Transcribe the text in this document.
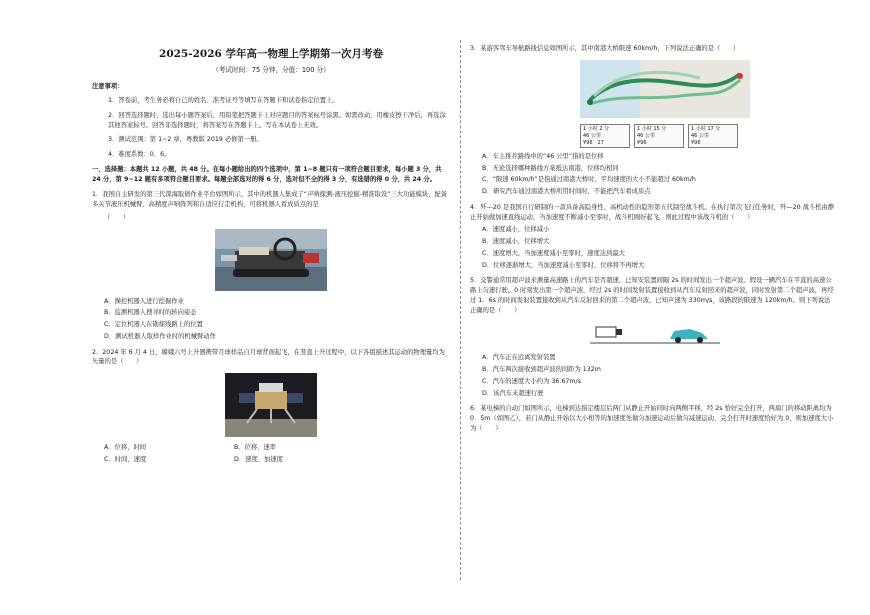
2025-2026 学年高一物理上学期第一次月考卷
（考试时间：75 分钟，分值：100 分）
注意事项：

1．答卷前，考生务必将自己的姓名、准考证号等填写在答题卡和试卷指定位置上。

2．回答选择题时，选出每小题答案后，用铅笔把答题卡上对应题目的答案标号涂黑。如需改动，用橡皮擦干净后，再选涂其他答案标号。回答非选择题时，将答案写在答题卡上。写在本试卷上无效。

3．测试范围：第 1~2 章，粤教版 2019 必修第一册。

4．难度系数：0．6。

一、选择题：本题共 12 小题，共 48 分。在每小题给出的四个选项中，第 1~8 题只有一项符合题目要求，每小题 3 分，共 24 分，第 9~12 题有多项符合题目要求。每题全部选对的得 6 分，选对但不全的得 3 分，有选错的得 0 分，共 24 分。

1．我国自主研发的第三代深海取债作业平台如图所示，其中的机器人集成了“声呐探测-液压挖掘-精准取设”三大功能模块，配备多关节液压机械臂、高精度声呐阵列和自适应行走机构，可将机器人看成质点的是
（　　）
A．操控机器人进行挖掘作业
B．监测机器人搜寻时的转向姿态
C．定位机器人在勘探线路上的位置
D．测试机器人取样作业时的机械臂动作
2．2024 年 6 月 4 日，嫦娥六号上升器携带月球样品自月球背面起飞，在竖直上升过程中，以下各组描述其运动的物理量均为矢量的是（　　）
A．位移、时间	B．位移、速率
C．时间、速度	D．速度、加速度
3．某游客驾车导航路线信息如图所示，其中南港大桥限速 60km/h，下列说法正确的是（　　）
1 小时 2 分
46 公里
¥96　27
1 小时 15 分
46 公里
¥96
1 小时 17 分
46 公里
¥96
A．车主推荐路线中的“46 公里”指的是位移
B．无论选择哪种路线方案抵达南港，位移均相同
C．“限速 60km/h”是指通过南港大桥时，平均速度的大小不能超过 60km/h
D．研究汽车通过南港大桥所用时间时，不能把汽车看成质点
4．歼—20 是我国自行研制的一款具备高隐身性、高机动性的隐形第五代制空战斗机。在执行第次飞行任务时，歼—20 战斗机由静止开始做加速直线运动，当加速度不断减小至零时，战斗机刚好起飞，则此过程中该战斗机的（　　）
A．速度减小，位移减小
B．速度减小，位移增大
C．速度增大，当加速度减小至零时，速度达到最大
D．位移逐渐增大，当加速度减小至零时，位移将不再增大
5．交警通常用超声波来测量高速路上的汽车是否超速，已知安装置间隔 2s 的时间发出一个超声波。假设一辆汽车在平直的高速公路上匀速行驶，0 时刻发出第一个超声波，经过 2s 的时间发射装置接收到从汽车反射回来的超声波，同时发射第二个超声波，再经过 1．6s 的时间发射装置接收到从汽车反射回来的第二个超声波，已知声速为 330m/s，该路段的限速为 120km/h。则下列说法正确的是（　　）
A．汽车正在远离发射装置
B．汽车两次接收到超声波的间距为 132m
C．汽车的速度大小约为 36.67m/s
D．该汽车未超速行驶
6．某电梯的自动门如图所示，电梯到达指定楼层后两门从静止开始同时向两侧平移，经 2s 恰好完全打开，两扇门的移动距离均为 0．5m（如图乙），若门从静止开始以大小相等的加速度先做匀加速运动后做匀减速运动，完全打开时速度恰好为 0，则加速度大小为（　　）
